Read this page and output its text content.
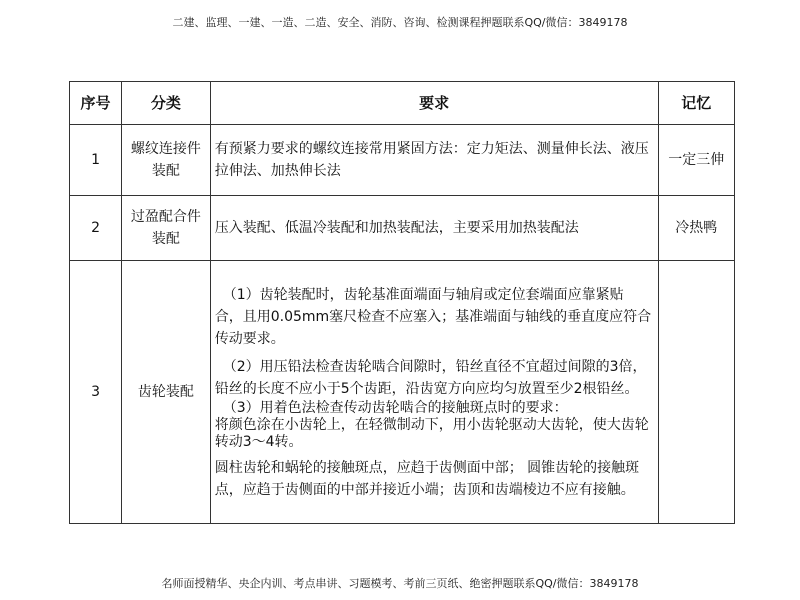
二建、监理、一建、一造、二造、安全、消防、咨询、检测课程押题联系QQ/微信：3849178
序号	分类	要求	记忆
1	螺纹连接件装配	有预紧力要求的螺纹连接常用紧固方法：定力矩法、测量伸长法、液压拉伸法、加热伸长法	一定三伸
2	过盈配合件装配	压入装配、低温冷装配和加热装配法，主要采用加热装配法	冷热鸭
3	齿轮装配	（1）齿轮装配时，齿轮基准面端面与轴肩或定位套端面应靠紧贴合，且用0.05mm塞尺检查不应塞入；基准端面与轴线的垂直度应符合传动要求。

（2）用压铅法检查齿轮啮合间隙时，铅丝直径不宜超过间隙的3倍，铅丝的长度不应小于5个齿距，沿齿宽方向应均匀放置至少2根铅丝。

（3）用着色法检查传动齿轮啮合的接触斑点时的要求：

将颜色涂在小齿轮上，在轻微制动下，用小齿轮驱动大齿轮，使大齿轮转动3～4转。

圆柱齿轮和蜗轮的接触斑点，应趋于齿侧面中部； 圆锥齿轮的接触斑点，应趋于齿侧面的中部并接近小端；齿顶和齿端棱边不应有接触。	

名师面授精华、央企内训、考点串讲、习题模考、考前三页纸、绝密押题联系QQ/微信：3849178
